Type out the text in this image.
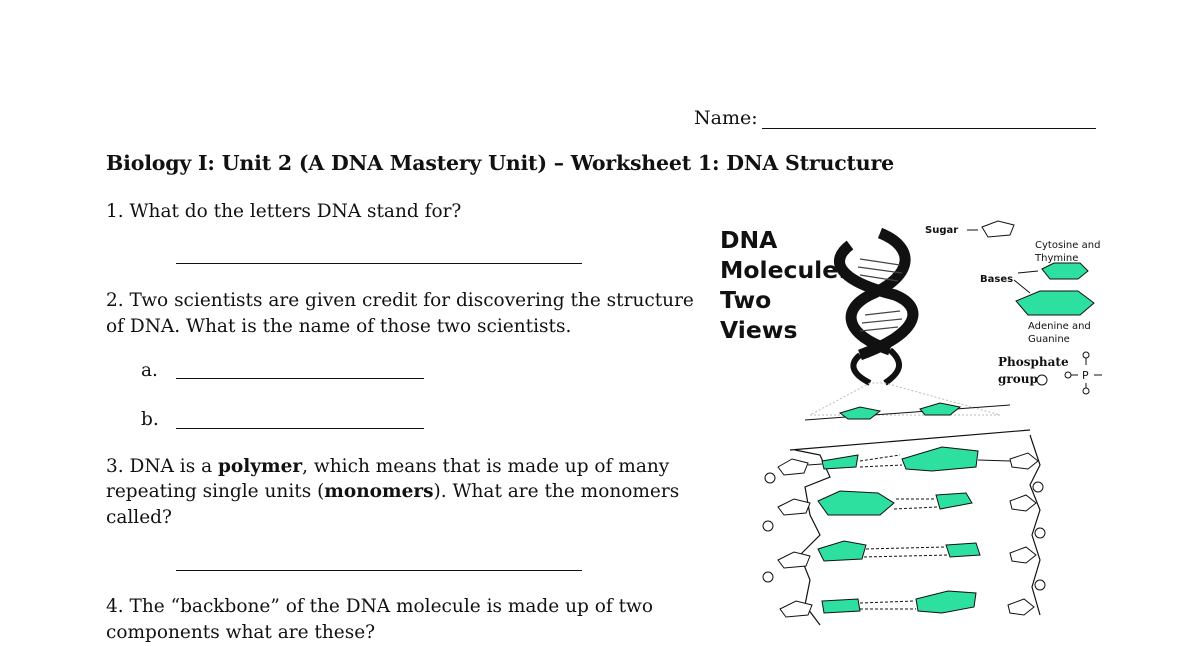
Name:
Biology I: Unit 2 (A DNA Mastery Unit) – Worksheet 1: DNA Structure
1. What do the letters DNA stand for?
2. Two scientists are given credit for discovering the structure
of DNA. What is the name of those two scientists.
a.
b.
3. DNA is a polymer, which means that is made up of many
repeating single units (monomers). What are the monomers
called?
4. The “backbone” of the DNA molecule is made up of two
components what are these?
DNA
Molecule:
Two
Views
P
Sugar
Cytosine and
Thymine
Bases
Adenine and
Guanine
Phosphate
group
